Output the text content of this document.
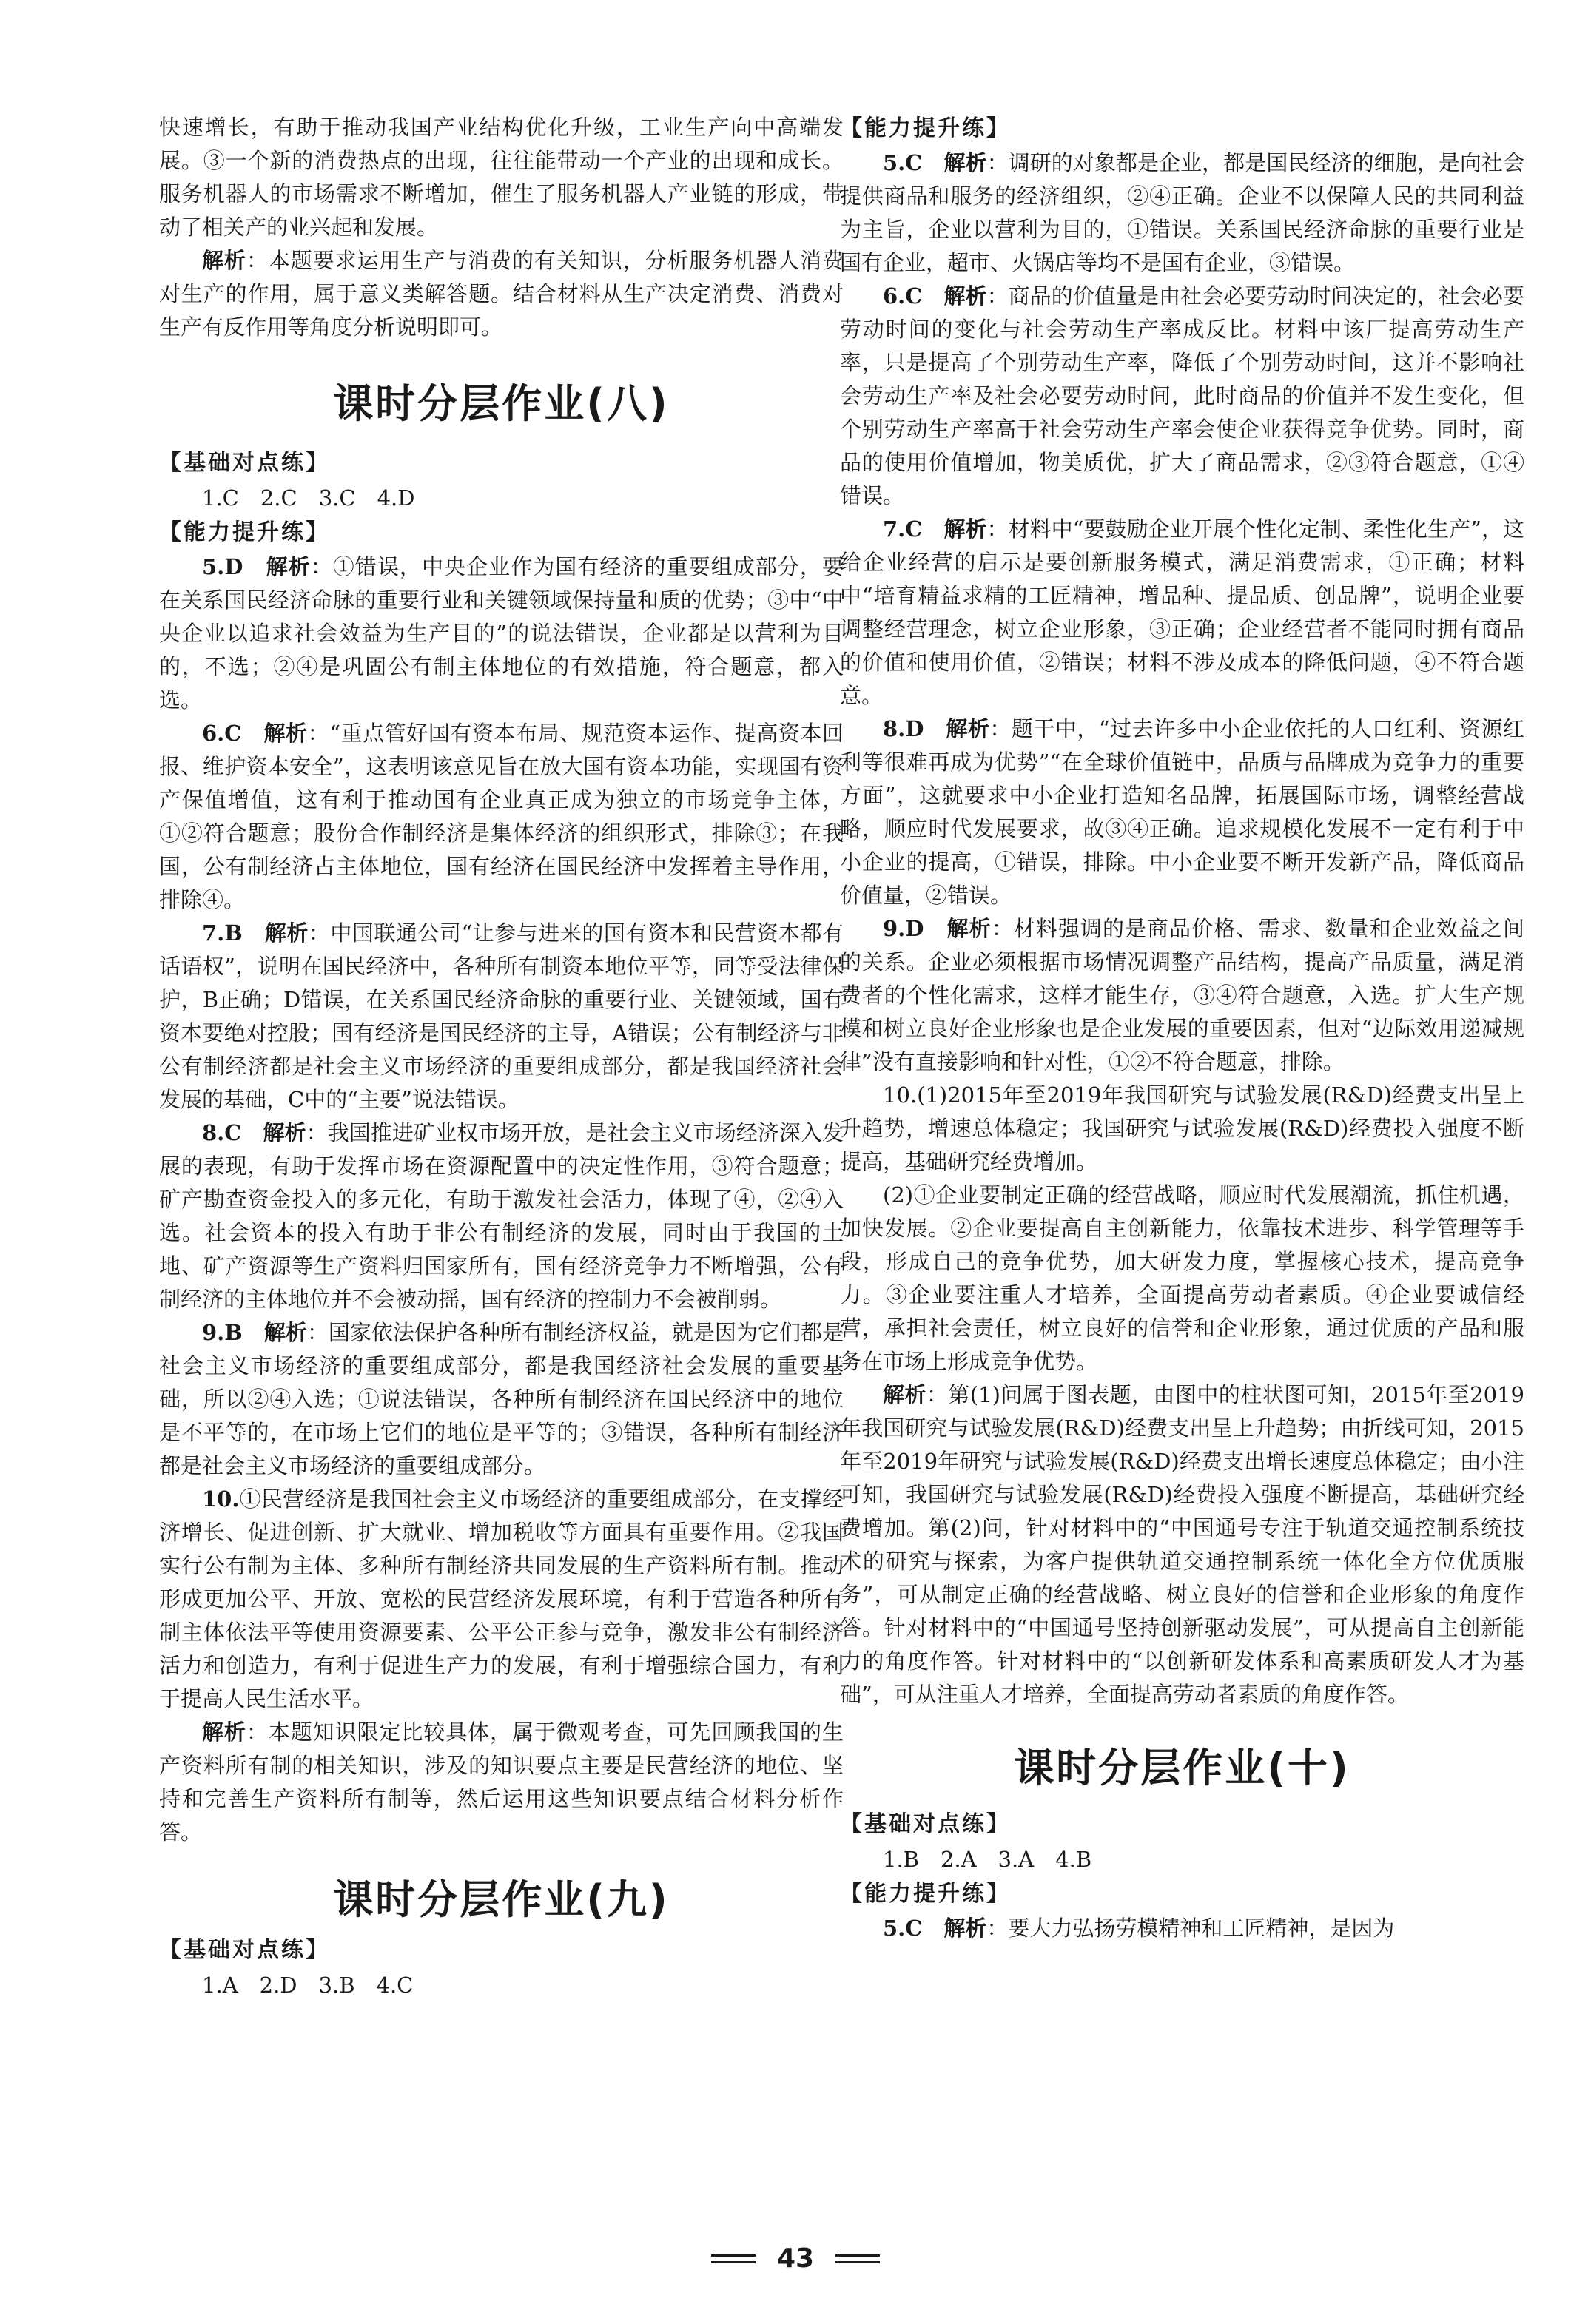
快速增长，有助于推动我国产业结构优化升级，工业生产向中高端发展。③一个新的消费热点的出现，往往能带动一个产业的出现和成长。服务机器人的市场需求不断增加，催生了服务机器人产业链的形成，带动了相关产的业兴起和发展。

解析：本题要求运用生产与消费的有关知识，分析服务机器人消费对生产的作用，属于意义类解答题。结合材料从生产决定消费、消费对生产有反作用等角度分析说明即可。

课时分层作业(八)

【基础对点练】

1.C　2.C　3.C　4.D

【能力提升练】

5.D　 解析：①错误，中央企业作为国有经济的重要组成部分，要在关系国民经济命脉的重要行业和关键领域保持量和质的优势；③中“中央企业以追求社会效益为生产目的”的说法错误，企业都是以营利为目的，不选；②④是巩固公有制主体地位的有效措施，符合题意，都入选。

6.C　 解析：“重点管好国有资本布局、规范资本运作、提高资本回报、维护资本安全”，这表明该意见旨在放大国有资本功能，实现国有资产保值增值，这有利于推动国有企业真正成为独立的市场竞争主体，①②符合题意；股份合作制经济是集体经济的组织形式，排除③；在我国，公有制经济占主体地位，国有经济在国民经济中发挥着主导作用，排除④。

7.B　 解析：中国联通公司“让参与进来的国有资本和民营资本都有话语权”，说明在国民经济中，各种所有制资本地位平等，同等受法律保护，B正确；D错误，在关系国民经济命脉的重要行业、关键领域，国有资本要绝对控股；国有经济是国民经济的主导，A错误；公有制经济与非公有制经济都是社会主义市场经济的重要组成部分，都是我国经济社会发展的基础，C中的“主要”说法错误。

8.C　 解析：我国推进矿业权市场开放，是社会主义市场经济深入发展的表现，有助于发挥市场在资源配置中的决定性作用，③符合题意；矿产勘查资金投入的多元化，有助于激发社会活力，体现了④，②④入选。社会资本的投入有助于非公有制经济的发展，同时由于我国的土地、矿产资源等生产资料归国家所有，国有经济竞争力不断增强，公有制经济的主体地位并不会被动摇，国有经济的控制力不会被削弱。

9.B　 解析：国家依法保护各种所有制经济权益，就是因为它们都是社会主义市场经济的重要组成部分，都是我国经济社会发展的重要基础，所以②④入选；①说法错误，各种所有制经济在国民经济中的地位是不平等的，在市场上它们的地位是平等的；③错误，各种所有制经济都是社会主义市场经济的重要组成部分。

10.①民营经济是我国社会主义市场经济的重要组成部分，在支撑经济增长、促进创新、扩大就业、增加税收等方面具有重要作用。②我国实行公有制为主体、多种所有制经济共同发展的生产资料所有制。推动形成更加公平、开放、宽松的民营经济发展环境，有利于营造各种所有制主体依法平等使用资源要素、公平公正参与竞争，激发非公有制经济活力和创造力，有利于促进生产力的发展，有利于增强综合国力，有利于提高人民生活水平。

解析：本题知识限定比较具体，属于微观考查，可先回顾我国的生产资料所有制的相关知识，涉及的知识要点主要是民营经济的地位、坚持和完善生产资料所有制等，然后运用这些知识要点结合材料分析作答。

课时分层作业(九)

【基础对点练】

1.A　2.D　3.B　4.C

【能力提升练】

5.C　 解析：调研的对象都是企业，都是国民经济的细胞，是向社会提供商品和服务的经济组织，②④正确。企业不以保障人民的共同利益为主旨，企业以营利为目的，①错误。关系国民经济命脉的重要行业是国有企业，超市、火锅店等均不是国有企业，③错误。

6.C　 解析：商品的价值量是由社会必要劳动时间决定的，社会必要劳动时间的变化与社会劳动生产率成反比。材料中该厂提高劳动生产率，只是提高了个别劳动生产率，降低了个别劳动时间，这并不影响社会劳动生产率及社会必要劳动时间，此时商品的价值并不发生变化，但个别劳动生产率高于社会劳动生产率会使企业获得竞争优势。同时，商品的使用价值增加，物美质优，扩大了商品需求，②③符合题意，①④错误。

7.C　 解析：材料中“要鼓励企业开展个性化定制、柔性化生产”，这给企业经营的启示是要创新服务模式，满足消费需求，①正确；材料中“培育精益求精的工匠精神，增品种、提品质、创品牌”，说明企业要调整经营理念，树立企业形象，③正确；企业经营者不能同时拥有商品的价值和使用价值，②错误；材料不涉及成本的降低问题，④不符合题意。

8.D　 解析：题干中，“过去许多中小企业依托的人口红利、资源红利等很难再成为优势”“在全球价值链中，品质与品牌成为竞争力的重要方面”，这就要求中小企业打造知名品牌，拓展国际市场，调整经营战略，顺应时代发展要求，故③④正确。追求规模化发展不一定有利于中小企业的提高，①错误，排除。中小企业要不断开发新产品，降低商品价值量，②错误。

9.D　 解析：材料强调的是商品价格、需求、数量和企业效益之间的关系。企业必须根据市场情况调整产品结构，提高产品质量，满足消费者的个性化需求，这样才能生存，③④符合题意，入选。扩大生产规模和树立良好企业形象也是企业发展的重要因素，但对“边际效用递减规律”没有直接影响和针对性，①②不符合题意，排除。

10.(1)2015年至2019年我国研究与试验发展(R&D)经费支出呈上升趋势，增速总体稳定；我国研究与试验发展(R&D)经费投入强度不断提高，基础研究经费增加。

(2)①企业要制定正确的经营战略，顺应时代发展潮流，抓住机遇，加快发展。②企业要提高自主创新能力，依靠技术进步、科学管理等手段，形成自己的竞争优势，加大研发力度，掌握核心技术，提高竞争力。③企业要注重人才培养，全面提高劳动者素质。④企业要诚信经营，承担社会责任，树立良好的信誉和企业形象，通过优质的产品和服务在市场上形成竞争优势。

解析：第(1)问属于图表题，由图中的柱状图可知，2015年至2019年我国研究与试验发展(R&D)经费支出呈上升趋势；由折线可知，2015年至2019年研究与试验发展(R&D)经费支出增长速度总体稳定；由小注可知，我国研究与试验发展(R&D)经费投入强度不断提高，基础研究经费增加。第(2)问，针对材料中的“中国通号专注于轨道交通控制系统技术的研究与探索，为客户提供轨道交通控制系统一体化全方位优质服务”，可从制定正确的经营战略、树立良好的信誉和企业形象的角度作答。针对材料中的“中国通号坚持创新驱动发展”，可从提高自主创新能力的角度作答。针对材料中的“以创新研发体系和高素质研发人才为基础”，可从注重人才培养，全面提高劳动者素质的角度作答。

课时分层作业(十)

【基础对点练】

1.B　2.A　3.A　4.B

【能力提升练】

5.C　 解析：要大力弘扬劳模精神和工匠精神，是因为

43
